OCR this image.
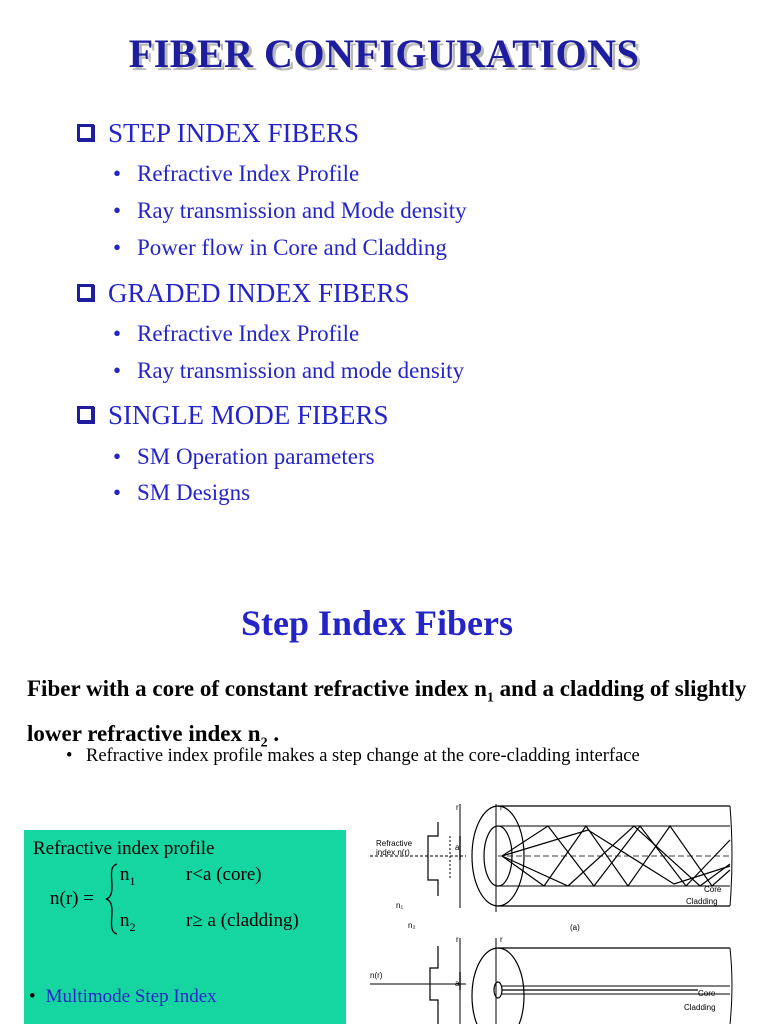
FIBER CONFIGURATIONS
STEP INDEX FIBERS
• Refractive Index Profile
• Ray transmission and Mode density
• Power flow in Core and Cladding
GRADED INDEX FIBERS
• Refractive Index Profile
• Ray transmission and mode density
SINGLE MODE FIBERS
• SM Operation parameters
• SM Designs
Step Index Fibers
Fiber with a core of constant refractive index $n_1$ and a cladding of slightly lower refractive index $n_2$ .
• Refractive index profile makes a step change at the core-cladding interface
Refractive index profile
n(r) =
$n_1$	r<a (core)
$n_2$	r≥ a (cladding)
• Multimode Step Index
a
Refractive
index n(r)
r
n₁
n₂
r
Core
Cladding
(a)
a
n(r)
r	r
Core
Cladding
